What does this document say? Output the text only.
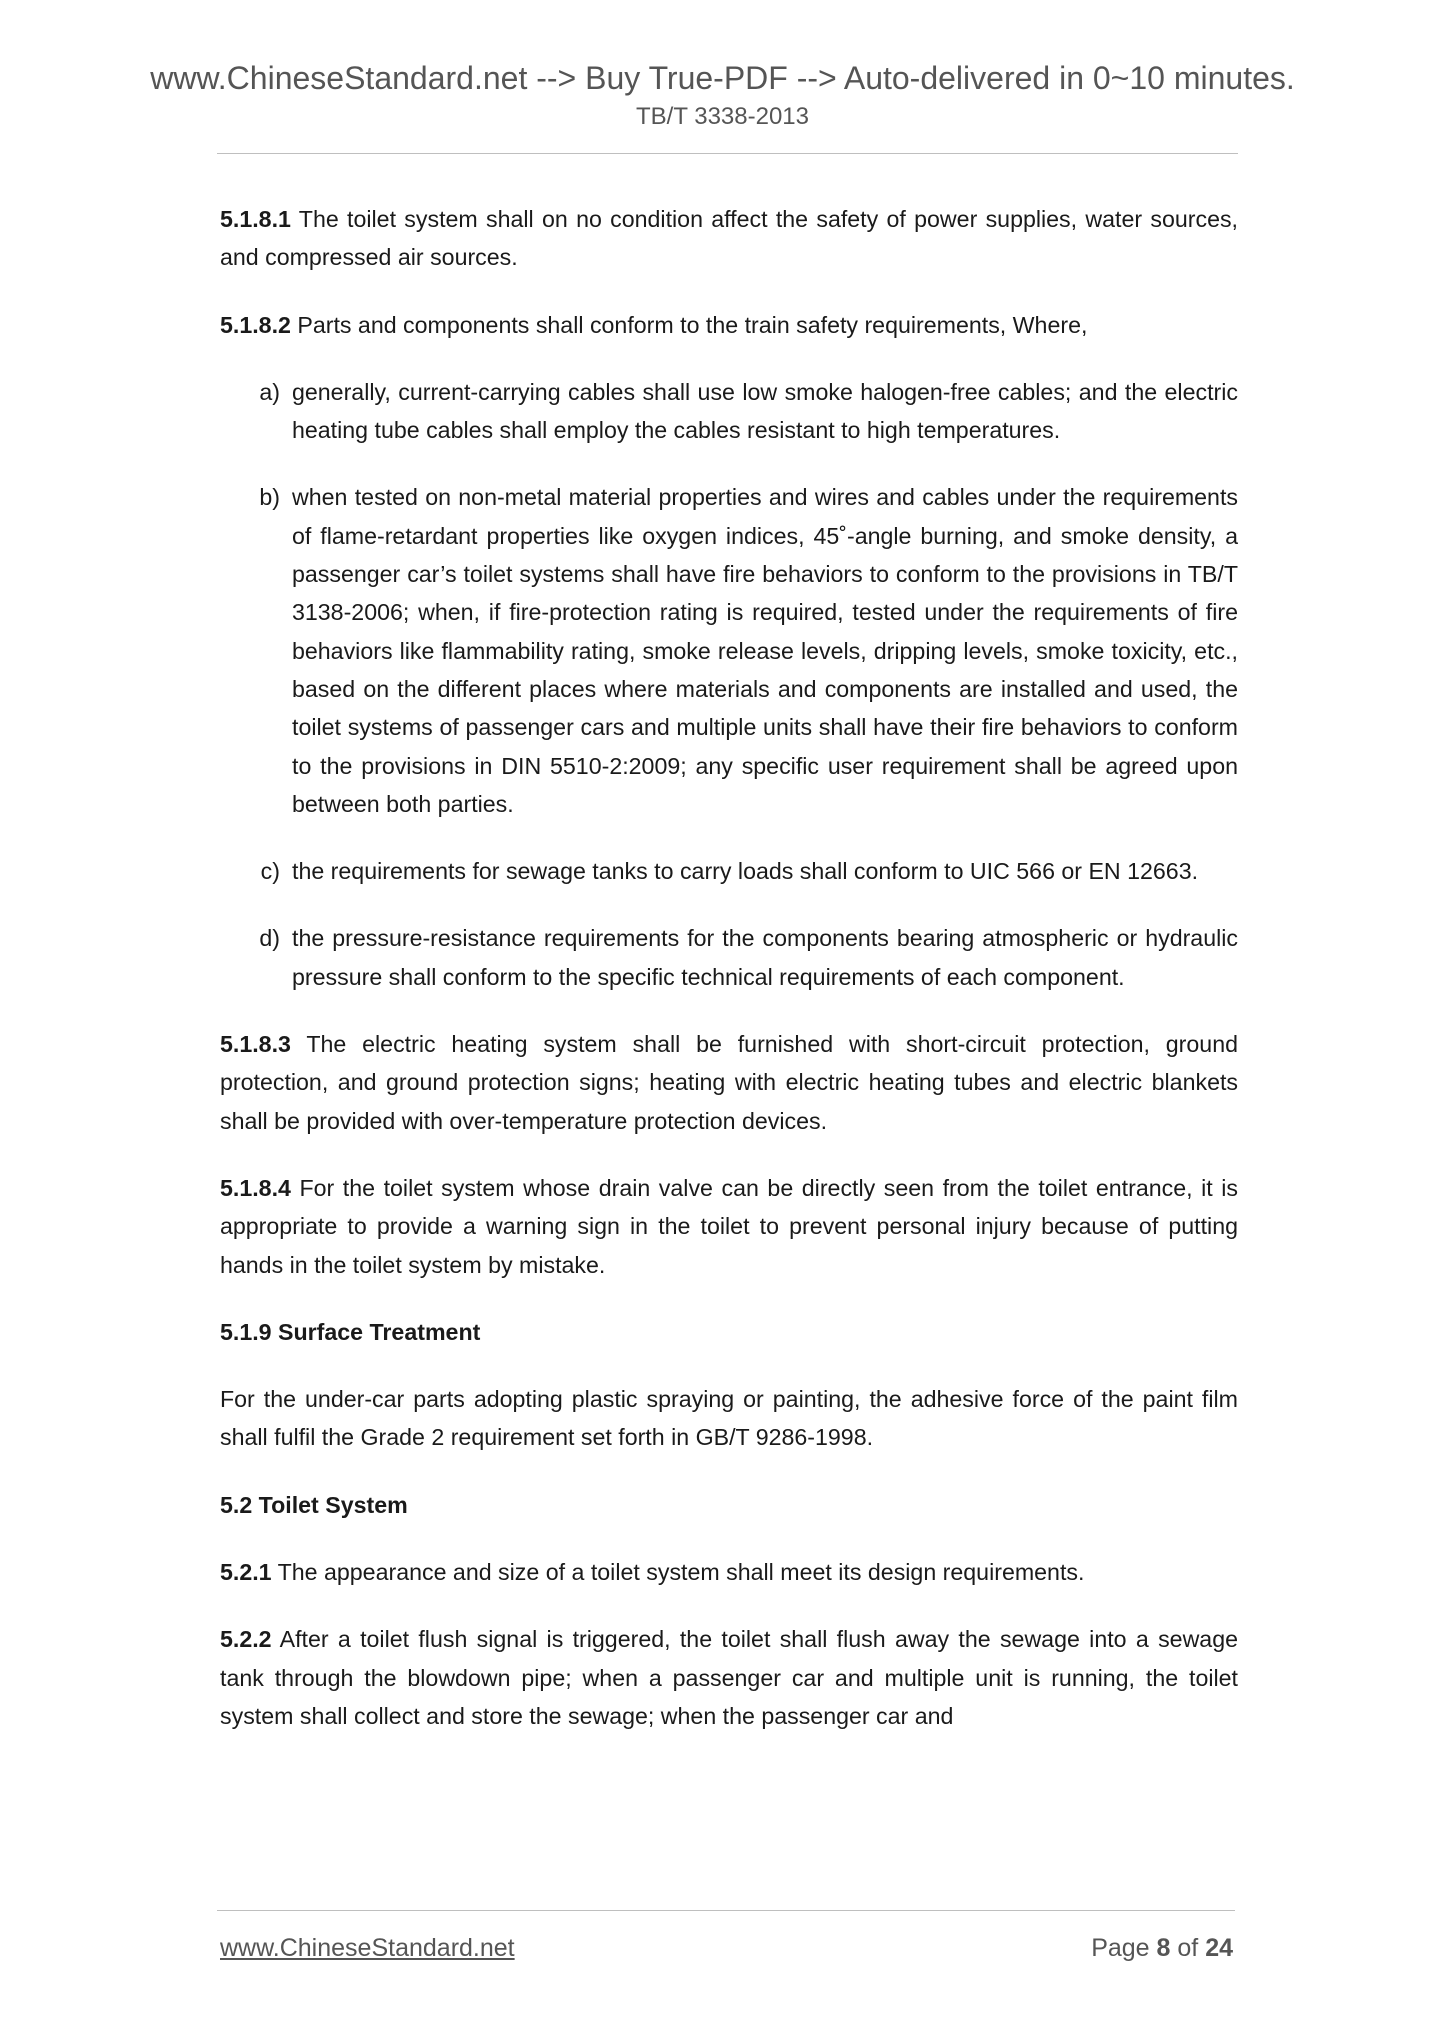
www.ChineseStandard.net --> Buy True-PDF --> Auto-delivered in 0~10 minutes.
TB/T 3338-2013

5.1.8.1 The toilet system shall on no condition affect the safety of power supplies, water sources, and compressed air sources.

5.1.8.2 Parts and components shall conform to the train safety requirements, Where,

a) generally, current-carrying cables shall use low smoke halogen-free cables; and the electric heating tube cables shall employ the cables resistant to high temperatures.
b) when tested on non-metal material properties and wires and cables under the requirements of flame-retardant properties like oxygen indices, 45˚-angle burning, and smoke density, a passenger car’s toilet systems shall have fire behaviors to conform to the provisions in TB/T 3138-2006; when, if fire-protection rating is required, tested under the requirements of fire behaviors like flammability rating, smoke release levels, dripping levels, smoke toxicity, etc., based on the different places where materials and components are installed and used, the toilet systems of passenger cars and multiple units shall have their fire behaviors to conform to the provisions in DIN 5510-2:2009; any specific user requirement shall be agreed upon between both parties.
c) the requirements for sewage tanks to carry loads shall conform to UIC 566 or EN 12663.
d) the pressure-resistance requirements for the components bearing atmospheric or hydraulic pressure shall conform to the specific technical requirements of each component.

5.1.8.3 The electric heating system shall be furnished with short-circuit protection, ground protection, and ground protection signs; heating with electric heating tubes and electric blankets shall be provided with over-temperature protection devices.

5.1.8.4 For the toilet system whose drain valve can be directly seen from the toilet entrance, it is appropriate to provide a warning sign in the toilet to prevent personal injury because of putting hands in the toilet system by mistake.

5.1.9 Surface Treatment

For the under-car parts adopting plastic spraying or painting, the adhesive force of the paint film shall fulfil the Grade 2 requirement set forth in GB/T 9286-1998.

5.2 Toilet System

5.2.1 The appearance and size of a toilet system shall meet its design requirements.

5.2.2 After a toilet flush signal is triggered, the toilet shall flush away the sewage into a sewage tank through the blowdown pipe; when a passenger car and multiple unit is running, the toilet system shall collect and store the sewage; when the passenger car and

www.ChineseStandard.net	Page 8 of 24
